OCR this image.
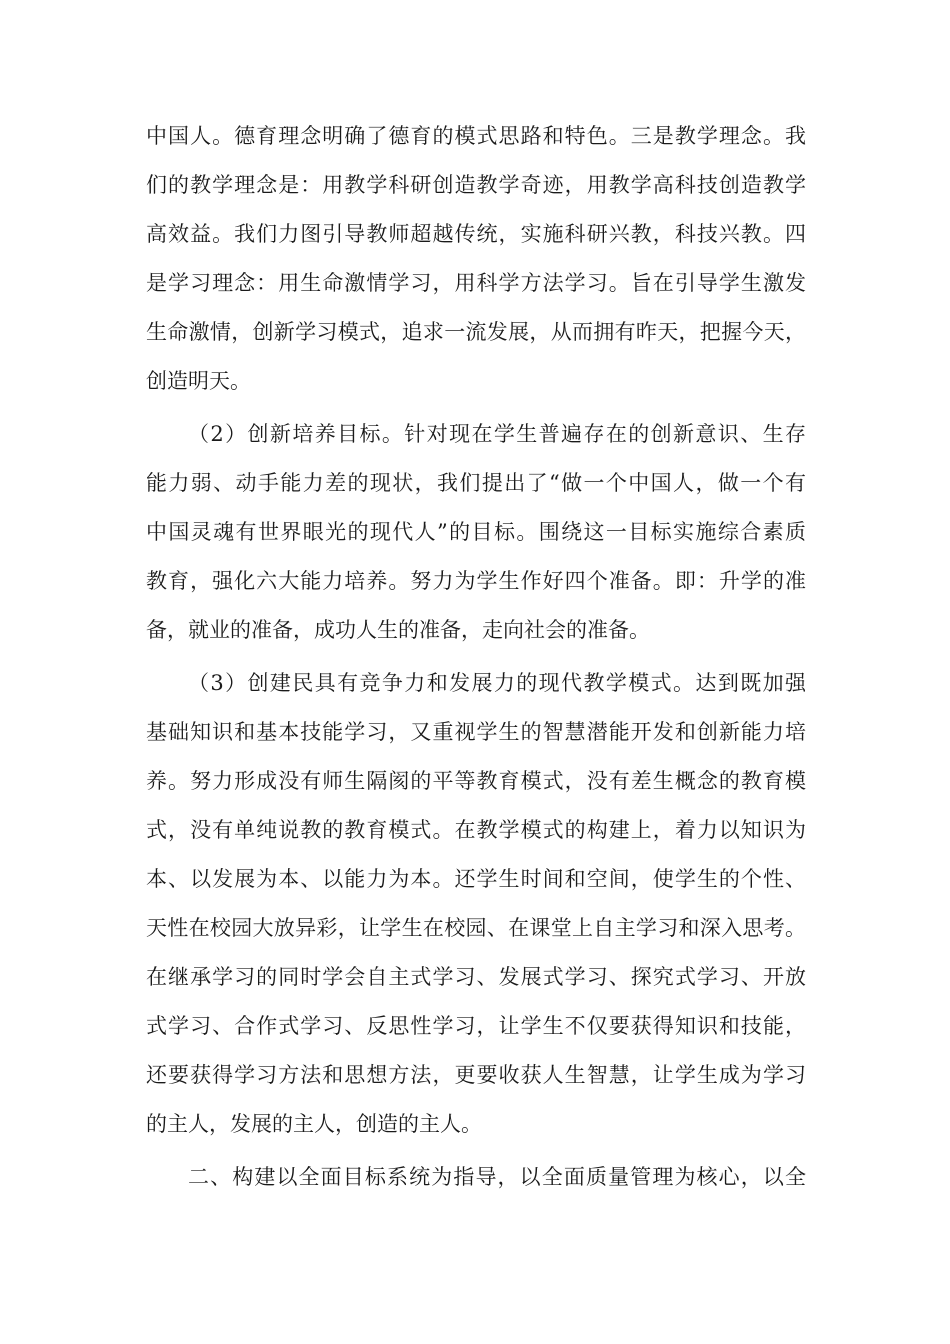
中国人。德育理念明确了德育的模式思路和特色。三是教学理念。我
们的教学理念是：用教学科研创造教学奇迹，用教学高科技创造教学
高效益。我们力图引导教师超越传统，实施科研兴教，科技兴教。四
是学习理念：用生命激情学习，用科学方法学习。旨在引导学生激发
生命激情，创新学习模式，追求一流发展，从而拥有昨天，把握今天，
创造明天。
（2）创新培养目标。针对现在学生普遍存在的创新意识、生存
能力弱、动手能力差的现状，我们提出了“做一个中国人，做一个有
中国灵魂有世界眼光的现代人”的目标。围绕这一目标实施综合素质
教育，强化六大能力培养。努力为学生作好四个准备。即：升学的准
备，就业的准备，成功人生的准备，走向社会的准备。
（3）创建民具有竞争力和发展力的现代教学模式。达到既加强
基础知识和基本技能学习，又重视学生的智慧潜能开发和创新能力培
养。努力形成没有师生隔阂的平等教育模式，没有差生概念的教育模
式，没有单纯说教的教育模式。在教学模式的构建上，着力以知识为
本、以发展为本、以能力为本。还学生时间和空间，使学生的个性、
天性在校园大放异彩，让学生在校园、在课堂上自主学习和深入思考。
在继承学习的同时学会自主式学习、发展式学习、探究式学习、开放
式学习、合作式学习、反思性学习，让学生不仅要获得知识和技能，
还要获得学习方法和思想方法，更要收获人生智慧，让学生成为学习
的主人，发展的主人，创造的主人。
二、构建以全面目标系统为指导，以全面质量管理为核心，以全
